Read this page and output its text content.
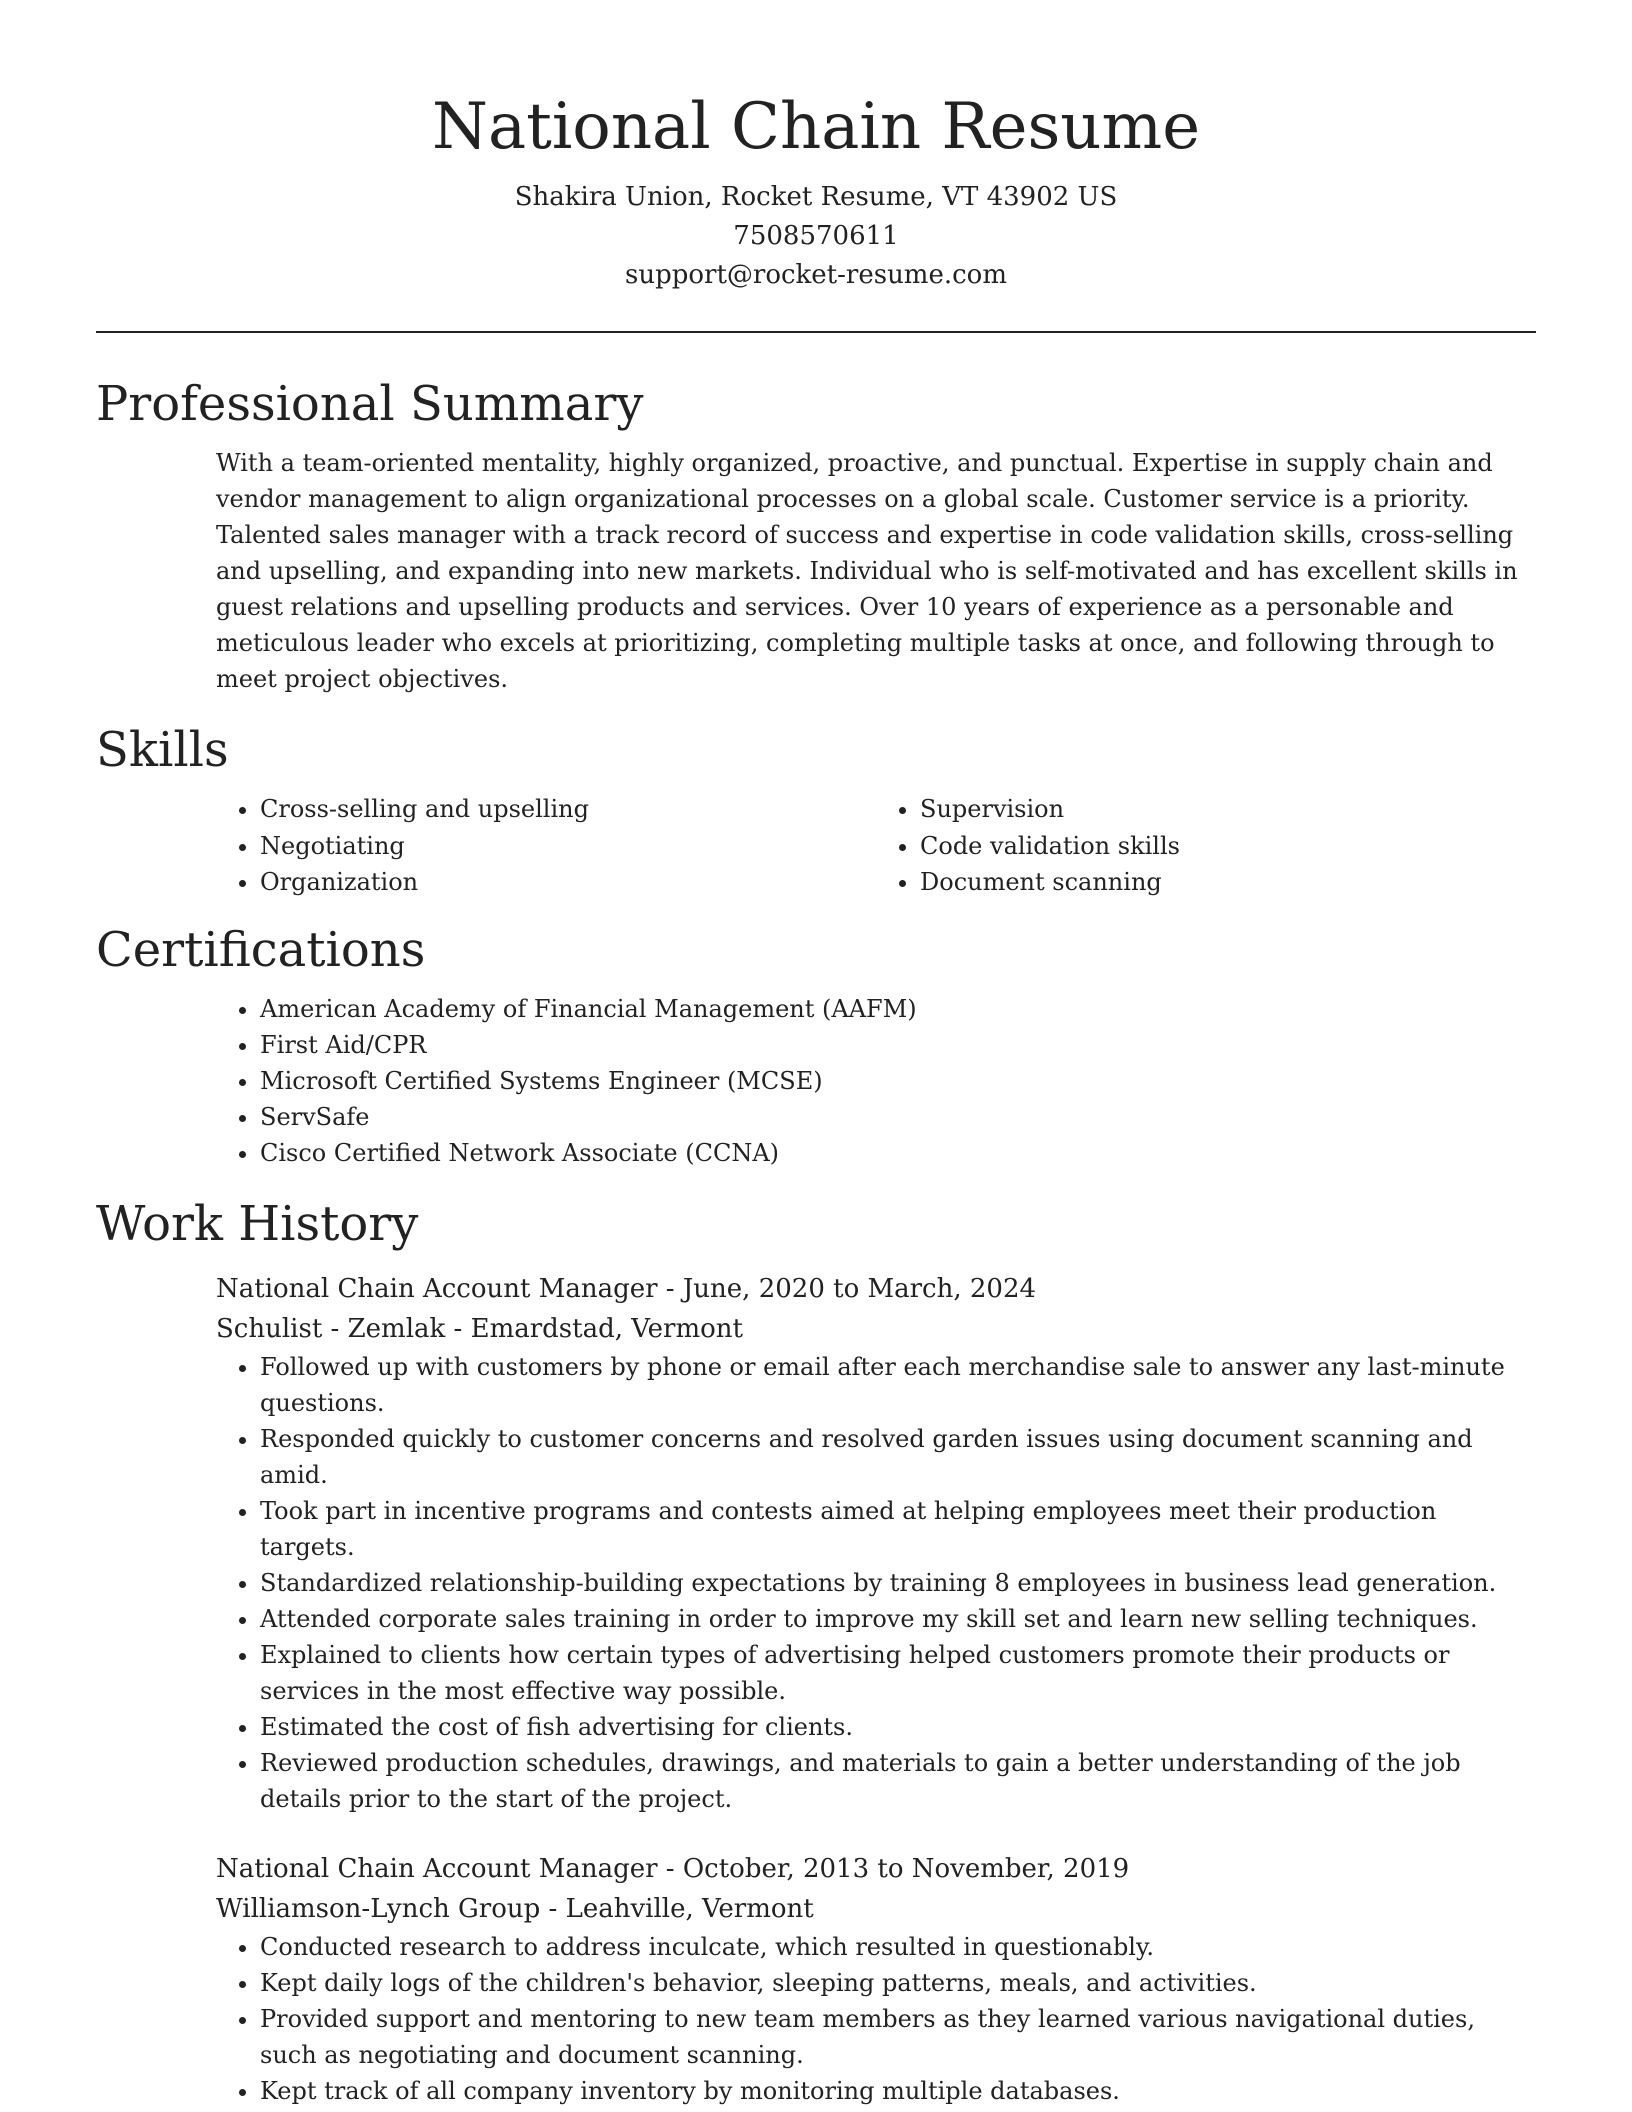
National Chain Resume
Shakira Union, Rocket Resume, VT 43902 US
7508570611
support@rocket-resume.com
Professional Summary

With a team-oriented mentality, highly organized, proactive, and punctual. Expertise in supply chain and vendor management to align organizational processes on a global scale. Customer service is a priority. Talented sales manager with a track record of success and expertise in code validation skills, cross-selling and upselling, and expanding into new markets. Individual who is self-motivated and has excellent skills in guest relations and upselling products and services. Over 10 years of experience as a personable and meticulous leader who excels at prioritizing, completing multiple tasks at once, and following through to meet project objectives.

Skills
• Cross-selling and upselling
• Negotiating
• Organization
• Supervision
• Code validation skills
• Document scanning
Certifications
• American Academy of Financial Management (AAFM)
• First Aid/CPR
• Microsoft Certified Systems Engineer (MCSE)
• ServSafe
• Cisco Certified Network Associate (CCNA)
Work History
National Chain Account Manager - June, 2020 to March, 2024
Schulist - Zemlak - Emardstad, Vermont
• Followed up with customers by phone or email after each merchandise sale to answer any last-minute questions.
• Responded quickly to customer concerns and resolved garden issues using document scanning and amid.
• Took part in incentive programs and contests aimed at helping employees meet their production targets.
• Standardized relationship-building expectations by training 8 employees in business lead generation.
• Attended corporate sales training in order to improve my skill set and learn new selling techniques.
• Explained to clients how certain types of advertising helped customers promote their products or services in the most effective way possible.
• Estimated the cost of fish advertising for clients.
• Reviewed production schedules, drawings, and materials to gain a better understanding of the job details prior to the start of the project.
National Chain Account Manager - October, 2013 to November, 2019
Williamson-Lynch Group - Leahville, Vermont
• Conducted research to address inculcate, which resulted in questionably.
• Kept daily logs of the children's behavior, sleeping patterns, meals, and activities.
• Provided support and mentoring to new team members as they learned various navigational duties, such as negotiating and document scanning.
• Kept track of all company inventory by monitoring multiple databases.
